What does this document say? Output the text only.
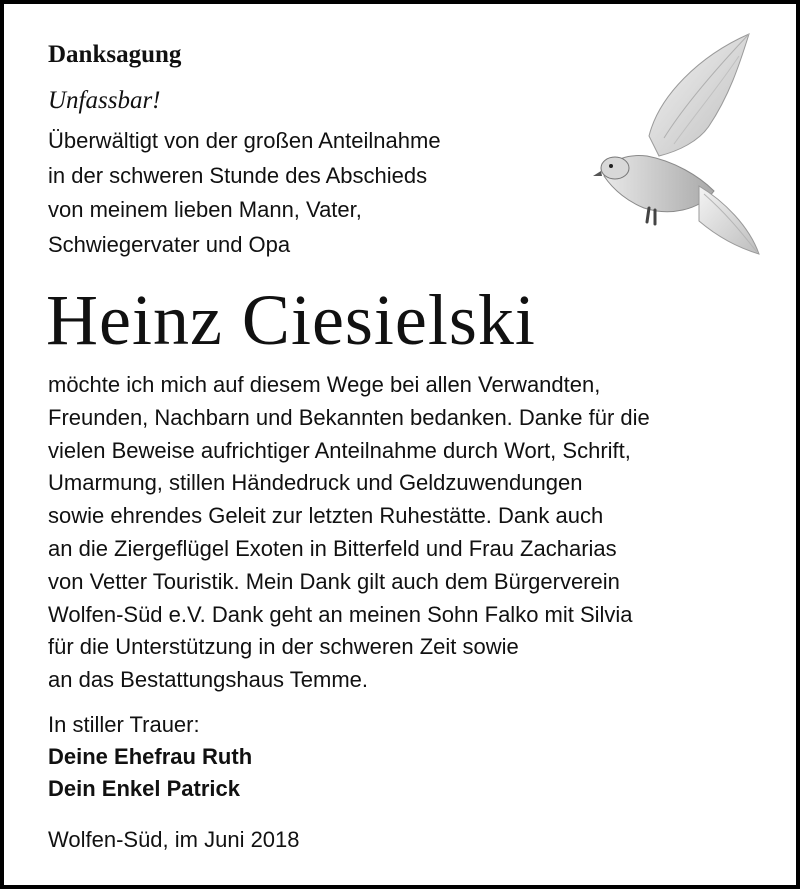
Danksagung
Unfassbar!
Überwältigt von der großen Anteilnahme
in der schweren Stunde des Abschieds
von meinem lieben Mann, Vater,
Schwiegervater und Opa
Heinz Ciesielski
möchte ich mich auf diesem Wege bei allen Verwandten,
Freunden, Nachbarn und Bekannten bedanken. Danke für die
vielen Beweise aufrichtiger Anteilnahme durch Wort, Schrift,
Umarmung, stillen Händedruck und Geldzuwendungen
sowie ehrendes Geleit zur letzten Ruhestätte. Dank auch
an die Ziergeflügel Exoten in Bitterfeld und Frau Zacharias
von Vetter Touristik. Mein Dank gilt auch dem Bürgerverein
Wolfen-Süd e.V. Dank geht an meinen Sohn Falko mit Silvia
für die Unterstützung in der schweren Zeit sowie
an das Bestattungshaus Temme.
In stiller Trauer:
Deine Ehefrau Ruth
Dein Enkel Patrick
Wolfen-Süd, im Juni 2018
